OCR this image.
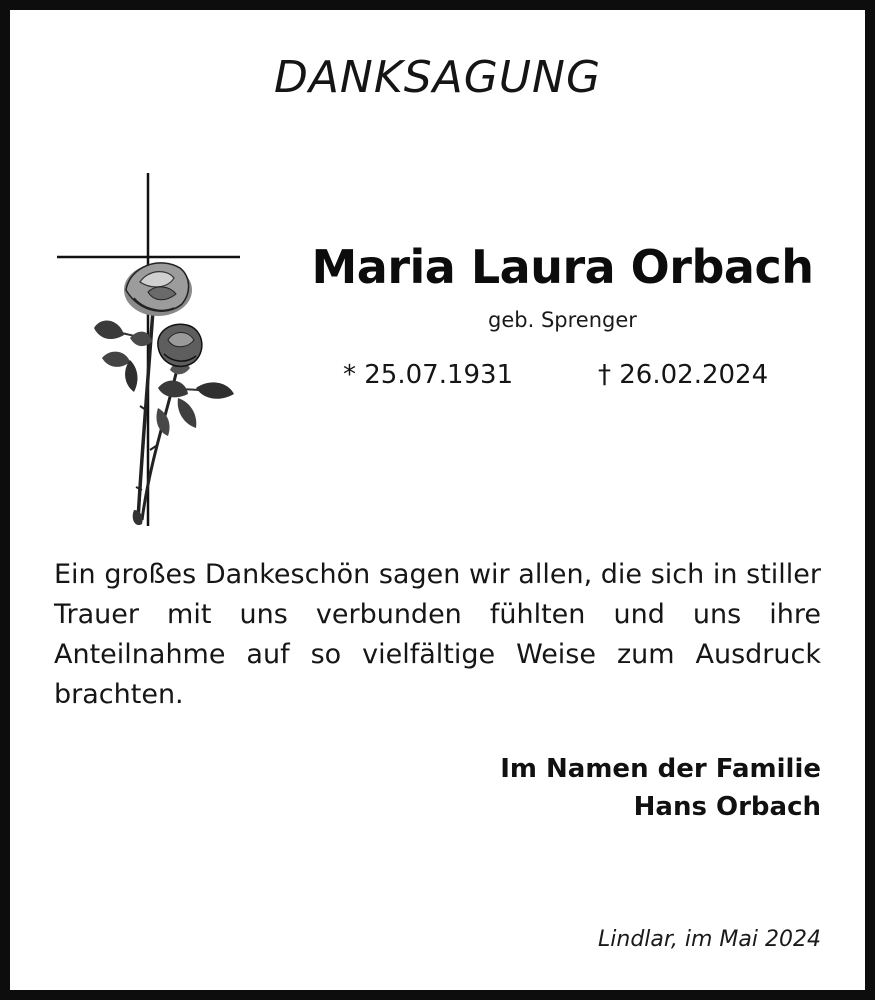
DANKSAGUNG
Maria Laura Orbach
geb. Sprenger
* 25.07.1931	† 26.02.2024

Ein großes Dankeschön sagen wir allen, die sich in stiller Trauer mit uns verbunden fühlten und uns ihre Anteilnahme auf so vielfältige Weise zum Ausdruck brachten.

Im Namen der Familie
Hans Orbach
Lindlar, im Mai 2024
